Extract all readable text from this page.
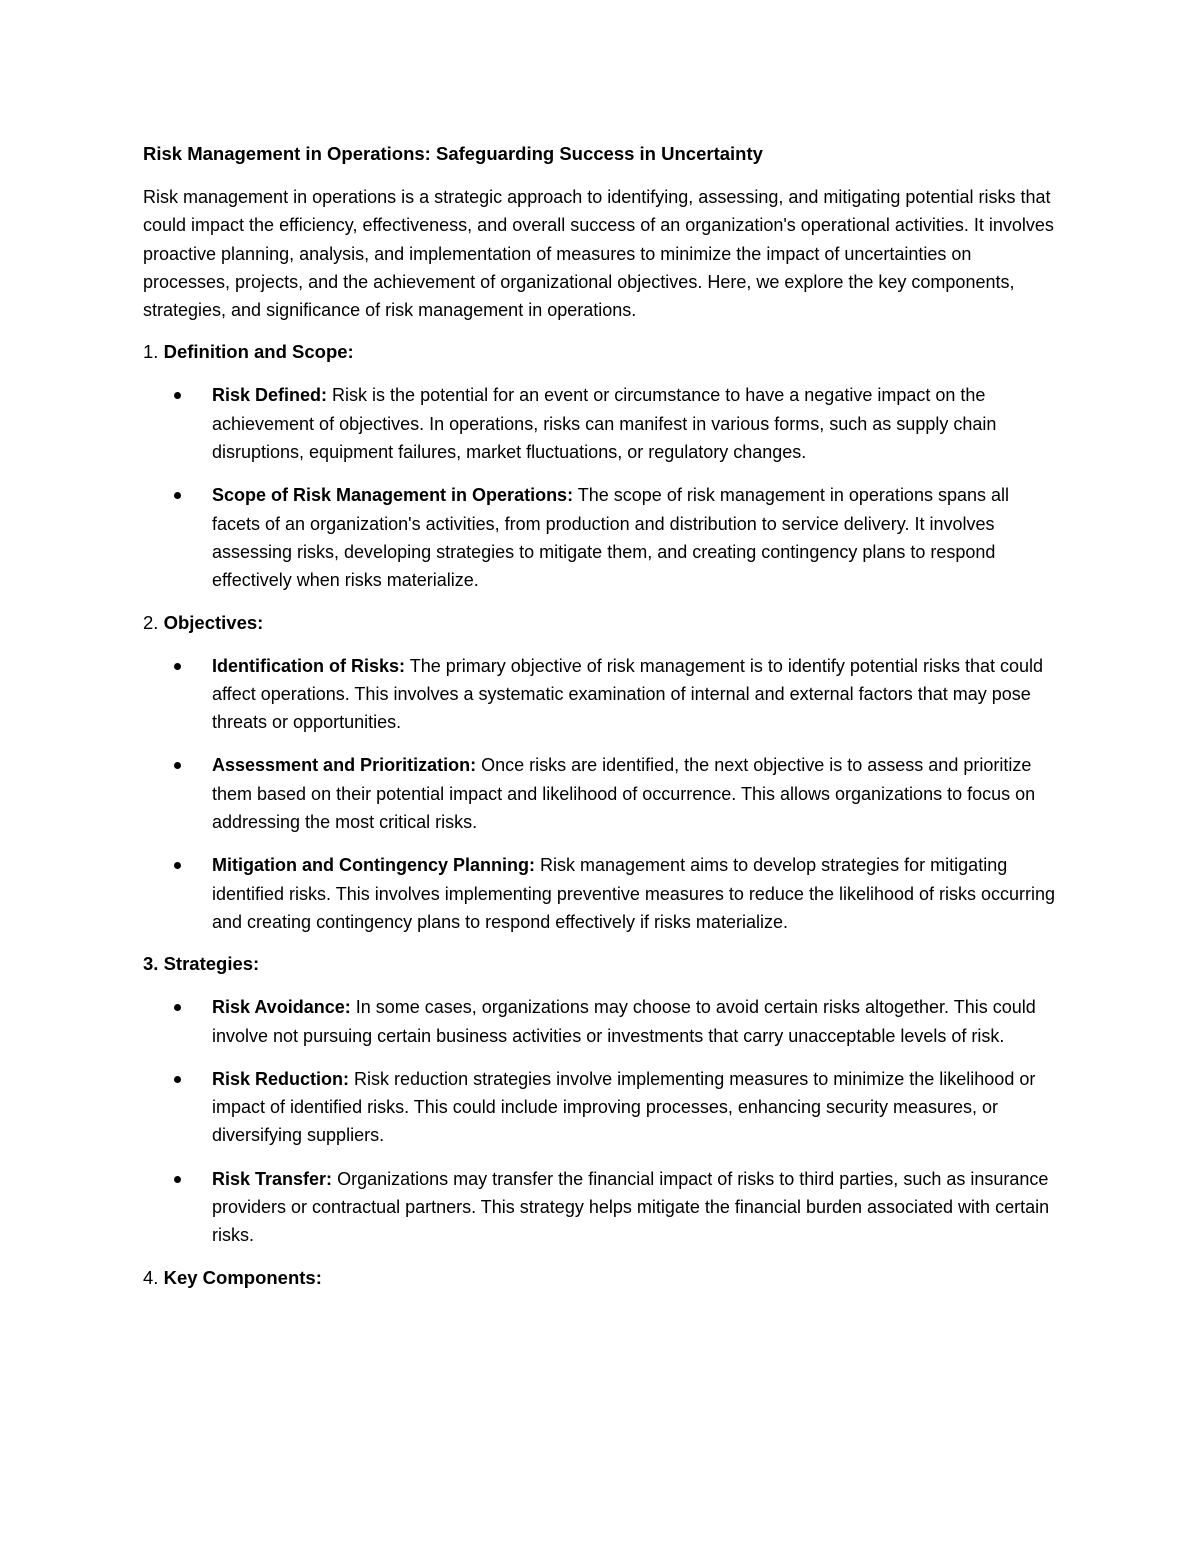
Risk Management in Operations: Safeguarding Success in Uncertainty

Risk management in operations is a strategic approach to identifying, assessing, and mitigating potential risks that could impact the efficiency, effectiveness, and overall success of an organization's operational activities. It involves proactive planning, analysis, and implementation of measures to minimize the impact of uncertainties on processes, projects, and the achievement of organizational objectives. Here, we explore the key components, strategies, and significance of risk management in operations.

1. Definition and Scope:
Risk Defined: Risk is the potential for an event or circumstance to have a negative impact on the achievement of objectives. In operations, risks can manifest in various forms, such as supply chain disruptions, equipment failures, market fluctuations, or regulatory changes.
Scope of Risk Management in Operations: The scope of risk management in operations spans all facets of an organization's activities, from production and distribution to service delivery. It involves assessing risks, developing strategies to mitigate them, and creating contingency plans to respond effectively when risks materialize.
2. Objectives:
Identification of Risks: The primary objective of risk management is to identify potential risks that could affect operations. This involves a systematic examination of internal and external factors that may pose threats or opportunities.
Assessment and Prioritization: Once risks are identified, the next objective is to assess and prioritize them based on their potential impact and likelihood of occurrence. This allows organizations to focus on addressing the most critical risks.
Mitigation and Contingency Planning: Risk management aims to develop strategies for mitigating identified risks. This involves implementing preventive measures to reduce the likelihood of risks occurring and creating contingency plans to respond effectively if risks materialize.
3. Strategies:
Risk Avoidance: In some cases, organizations may choose to avoid certain risks altogether. This could involve not pursuing certain business activities or investments that carry unacceptable levels of risk.
Risk Reduction: Risk reduction strategies involve implementing measures to minimize the likelihood or impact of identified risks. This could include improving processes, enhancing security measures, or diversifying suppliers.
Risk Transfer: Organizations may transfer the financial impact of risks to third parties, such as insurance providers or contractual partners. This strategy helps mitigate the financial burden associated with certain risks.
4. Key Components:
